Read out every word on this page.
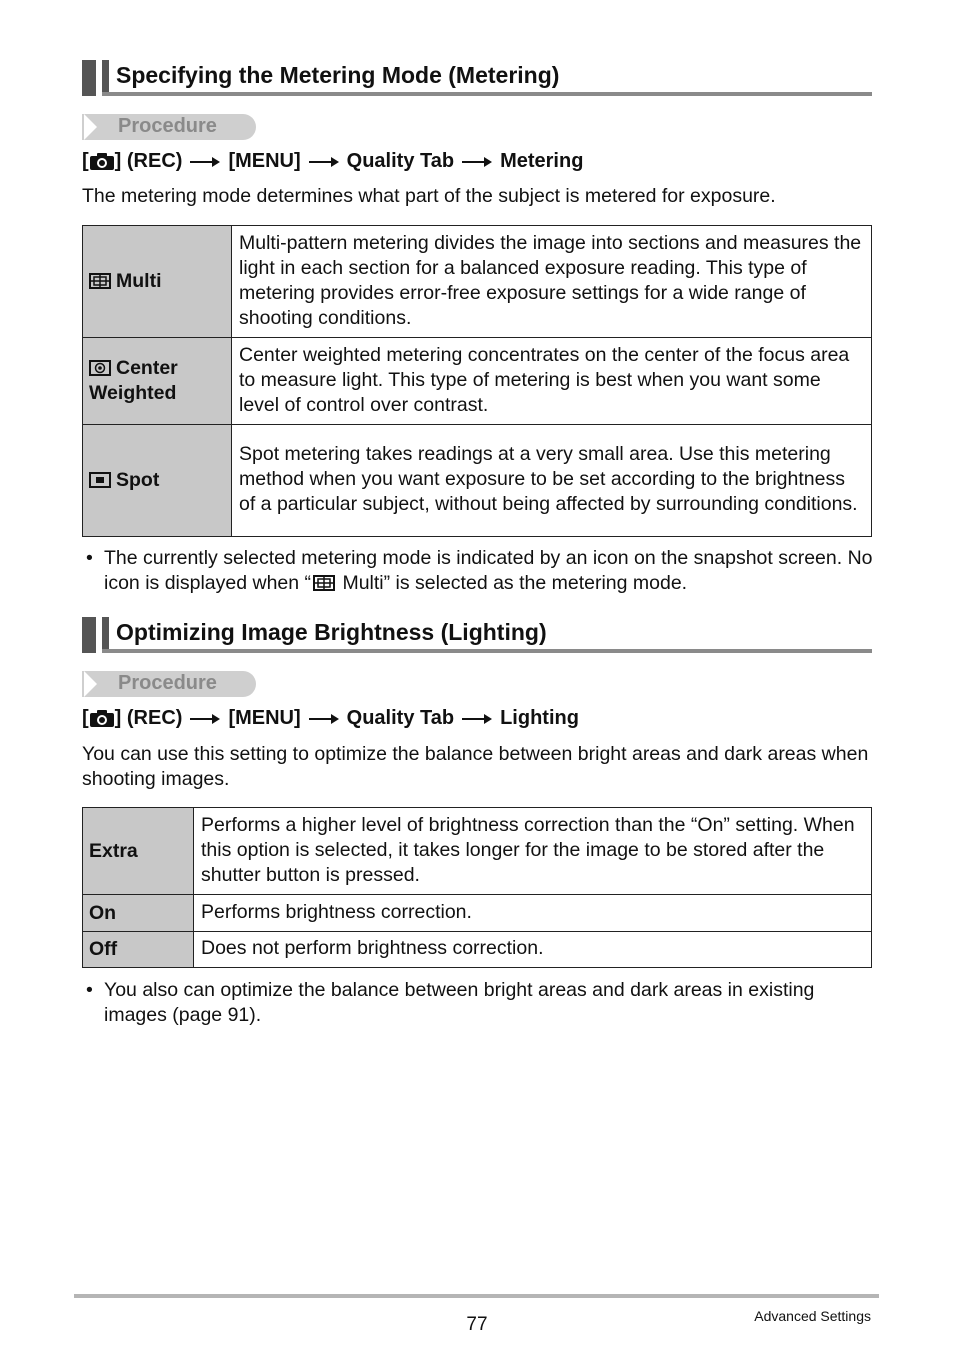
Specifying the Metering Mode (Metering)
Procedure
[ ] (REC) [MENU] Quality Tab Metering
The metering mode determines what part of the subject is metered for exposure.
Multi	Multi-pattern metering divides the image into sections and measures the light in each section for a balanced exposure reading. This type of metering provides error-free exposure settings for a wide range of shooting conditions.
Center
Weighted	Center weighted metering concentrates on the center of the focus area to measure light. This type of metering is best when you want some level of control over contrast.
Spot	Spot metering takes readings at a very small area. Use this metering method when you want exposure to be set according to the brightness of a particular subject, without being affected by surrounding conditions.
• The currently selected metering mode is indicated by an icon on the snapshot screen. No icon is displayed when “ Multi” is selected as the metering mode.
Optimizing Image Brightness (Lighting)
Procedure
[ ] (REC) [MENU] Quality Tab Lighting
You can use this setting to optimize the balance between bright areas and dark areas when shooting images.
Extra	Performs a higher level of brightness correction than the “On” setting. When this option is selected, it takes longer for the image to be stored after the shutter button is pressed.
On	Performs brightness correction.
Off	Does not perform brightness correction.
• You also can optimize the balance between bright areas and dark areas in existing images (page 91).
77	Advanced Settings
